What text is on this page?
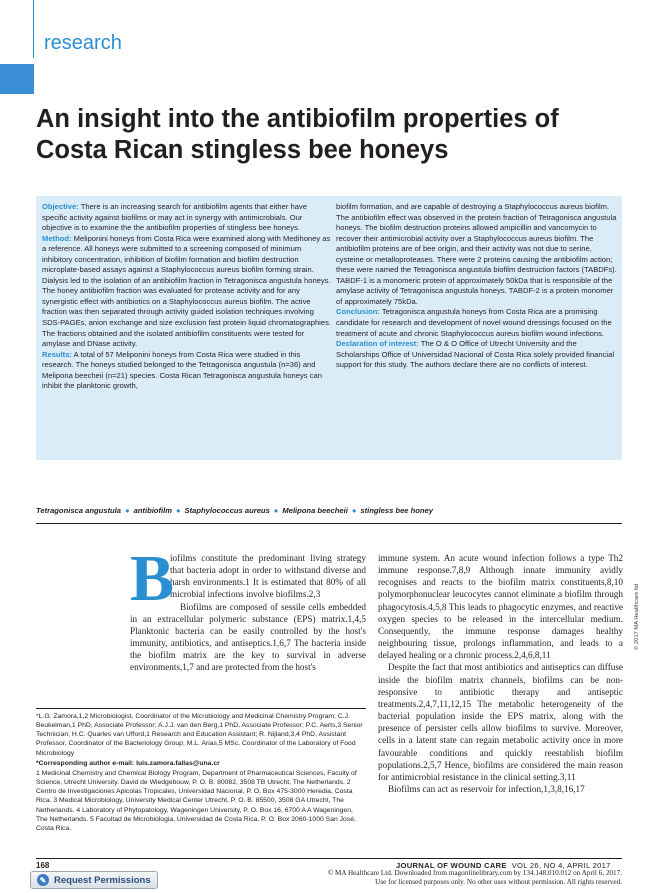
research
An insight into the antibiofilm properties of Costa Rican stingless bee honeys

Objective: There is an increasing search for antibiofilm agents that either have specific activity against biofilms or may act in synergy with antimicrobials. Our objective is to examine the the antibiofilm properties of stingless bee honeys.

Method: Meliponini honeys from Costa Rica were examined along with Medihoney as a reference. All honeys were submitted to a screening composed of minimum inhibitory concentration, inhibition of biofilm formation and biofilm destruction microplate-based assays against a Staphylococcus aureus biofilm forming strain. Dialysis led to the isolation of an antibiofilm fraction in Tetragonisca angustula honeys. The honey antibiofilm fraction was evaluated for protease activity and for any synergistic effect with antibiotics on a Staphylococcus aureus biofilm. The active fraction was then separated through activity guided isolation techniques involving SDS-PAGEs, anion exchange and size exclusion fast protein liquid chromatographies. The fractions obtained and the isolated antibiofilm constituents were tested for amylase and DNase activity.

Results: A total of 57 Meliponini honeys from Costa Rica were studied in this research. The honeys studied belonged to the Tetragonisca angustula (n=36) and Melipona beecheii (n=21) species. Costa Rican Tetragonisca angustula honeys can inhibit the planktonic growth,

biofilm formation, and are capable of destroying a Staphylococcus aureus biofilm. The antibiofilm effect was observed in the protein fraction of Tetragonisca angustula honeys. The biofilm destruction proteins allowed ampicillin and vancomycin to recover their antimicrobial activity over a Staphylococcus aureus biofilm. The antibiofilm proteins are of bee origin, and their activity was not due to serine, cysteine or metalloproteases. There were 2 proteins causing the antibiofilm action; these were named the Tetragonisca angustula biofilm destruction factors (TABDFs). TABDF-1 is a monomeric protein of approximately 50kDa that is responsible of the amylase activity of Tetragonisca angustula honeys. TABDF-2 is a protein monomer of approximately 75kDa.

Conclusion: Tetragonisca angustula honeys from Costa Rica are a promising candidate for research and development of novel wound dressings focused on the treatment of acute and chronic Staphylococcus aureus biofilm wound infections.

Declaration of interest: The O & O Office of Utrecht University and the Scholarships Office of Universidad Nacional of Costa Rica solely provided financial support for this study. The authors declare there are no conflicts of interest.

Tetragonisca angustula ● antibiofilm ● Staphylococcus aureus ● Melipona beecheii ● stingless bee honey

iofilms constitute the predominant living strategy that bacteria adopt in order to withstand diverse and harsh environments.1 It is estimated that 80% of all microbial infections involve biofilms.2,3

Biofilms are composed of sessile cells embedded in an extracellular polymeric substance (EPS) matrix.1,4,5 Planktonic bacteria can be easily controlled by the host's immunity, antibiotics, and antiseptics.1,6,7 The bacteria inside the biofilm matrix are the key to survival in adverse environments,1,7 and are protected from the host's

B	immune system. An acute wound infection follows a type Th2 immune response.7,8,9 Although innate immunity avidly recognises and reacts to the biofilm matrix constituents,8,10 polymorphonuclear leucocytes cannot eliminate a biofilm through phagocytosis.4,5,8 This leads to phagocytic enzymes, and reactive oxygen species to be released in the intercellular medium. Consequently, the immune response damages healthy neighbouring tissue, prolongs inflammation, and leads to a delayed healing or a chronic process.2,4,6,8,11

Despite the fact that most antibiotics and antiseptics can diffuse inside the biofilm matrix channels, biofilms can be non-responsive to antibiotic therapy and antiseptic treatments.2,4,7,11,12,15 The metabolic heterogeneity of the bacterial population inside the EPS matrix, along with the presence of persister cells allow biofilms to survive. Moreover, cells in a latent state can regain metabolic activity once in more favourable conditions and quickly reestablish biofilm populations.2,5,7 Hence, biofilms are considered the main reason for antimicrobial resistance in the clinical setting.3,11

Biofilms can act as reservoir for infection,1,3,8,16,17

*L.G. Zamora,1,2 Microbiologist, Coordinator of the Microbiology and Medicinal Chemistry Program; C.J. Beukelman,1 PhD, Associate Professor; A.J.J. van den Berg,1 PhD, Associate Professor; P.C. Aerts,3 Senior Technician; H.C. Quarles van Ufford,1 Research and Education Assistant; R. Nijland,3,4 PhD, Assistant Professor, Coordinator of the Bacteriology Group; M.L. Arias,5 MSc, Coordinator of the Laboratory of Food Microbiology

*Corresponding author e-mail: luis.zamora.fallas@una.cr

1 Medicinal Chemistry and Chemical Biology Program, Department of Pharmaceutical Sciences, Faculty of Science, Utrecht University. David de Wiedgebouw, P. O. B. 80082, 3508 TB Utrecht, The Netherlands. 2 Centro de Investigaciones Apicolas Tropicales, Universidad Nacional, P. O. Box 475-3000 Heredia, Costa Rica. 3 Medical Microbiology, University Medical Center Utrecht, P. O. B. 85500, 3508 GA Utrecht, The Netherlands. 4 Laboratory of Phytopatology, Wageningen University, P. O. Box 16, 6700 A A Wageningen, The Netherlands. 5 Facultad de Microbiologia, Universidad de Costa Rica. P. O. Box 2060-1000 San José, Costa Rica.

© 2017 MA Healthcare ltd
168	JOURNAL OF WOUND CARE VOL 26, NO 4, APRIL 2017
✎ Request Permissions
© MA Healthcare Ltd. Downloaded from magonlinelibrary.com by 134.148.010.012 on April 6, 2017.
Use for licensed purposes only. No other uses without permission. All rights reserved.
